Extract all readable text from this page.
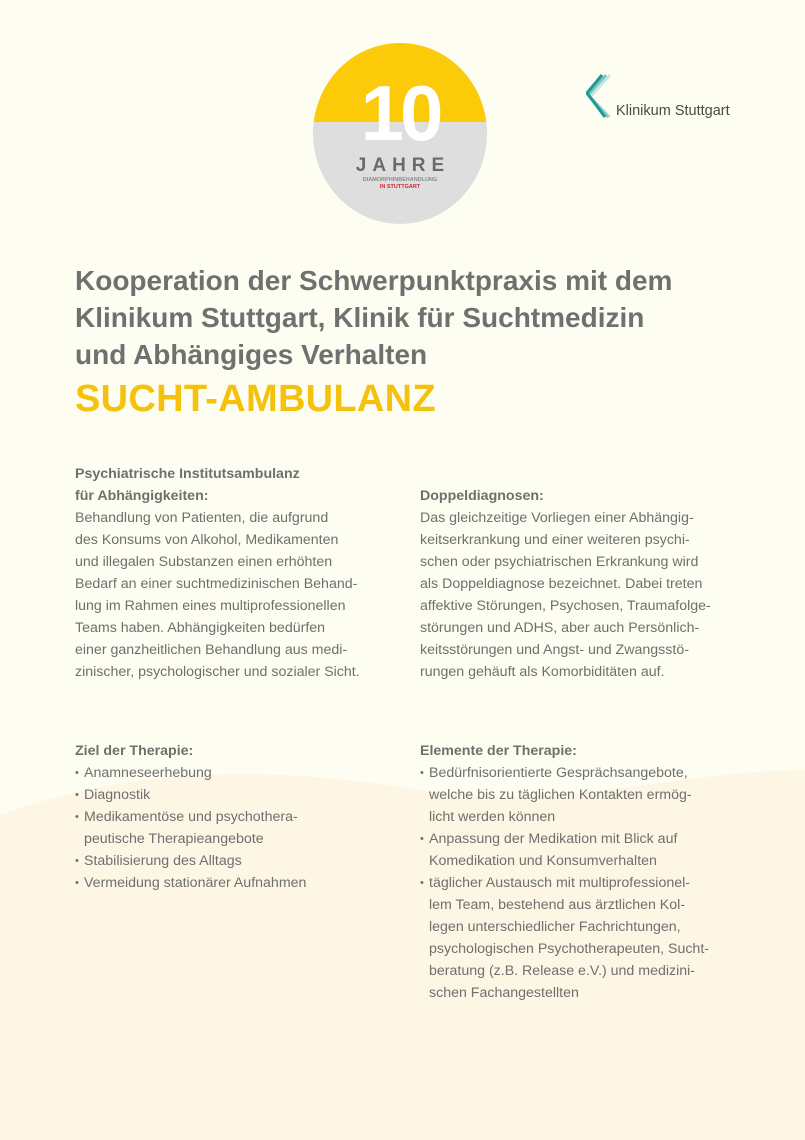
10
JAHRE
DIAMORPHINBEHANDLUNG
IN STUTTGART
Klinikum Stuttgart
Kooperation der Schwerpunktpraxis mit dem
Klinikum Stuttgart, Klinik für Suchtmedizin
und Abhängiges Verhalten
SUCHT-AMBULANZ
Psychiatrische Institutsambulanz
für Abhängigkeiten:
Behandlung von Patienten, die aufgrund
des Konsums von Alkohol, Medikamenten
und illegalen Substanzen einen erhöhten
Bedarf an einer suchtmedizinischen Behand-
lung im Rahmen eines multiprofessionellen
Teams haben. Abhängigkeiten bedürfen
einer ganzheitlichen Behandlung aus medi-
zinischer, psychologischer und sozialer Sicht.
Doppeldiagnosen:
Das gleichzeitige Vorliegen einer Abhängig-
keitserkrankung und einer weiteren psychi-
schen oder psychiatrischen Erkrankung wird
als Doppeldiagnose bezeichnet. Dabei treten
affektive Störungen, Psychosen, Traumafolge-
störungen und ADHS, aber auch Persönlich-
keitsstörungen und Angst- und Zwangsstö-
rungen gehäuft als Komorbiditäten auf.
Ziel der Therapie:
• Anamneseerhebung
• Diagnostik
• Medikamentöse und psychothera-
peutische Therapieangebote
• Stabilisierung des Alltags
• Vermeidung stationärer Aufnahmen
Elemente der Therapie:
• Bedürfnisorientierte Gesprächsangebote,
welche bis zu täglichen Kontakten ermög-
licht werden können
• Anpassung der Medikation mit Blick auf
Komedikation und Konsumverhalten
• täglicher Austausch mit multiprofessionel-
lem Team, bestehend aus ärztlichen Kol-
legen unterschiedlicher Fachrichtungen,
psychologischen Psychotherapeuten, Sucht-
beratung (z.B. Release e.V.) und medizini-
schen Fachangestellten
